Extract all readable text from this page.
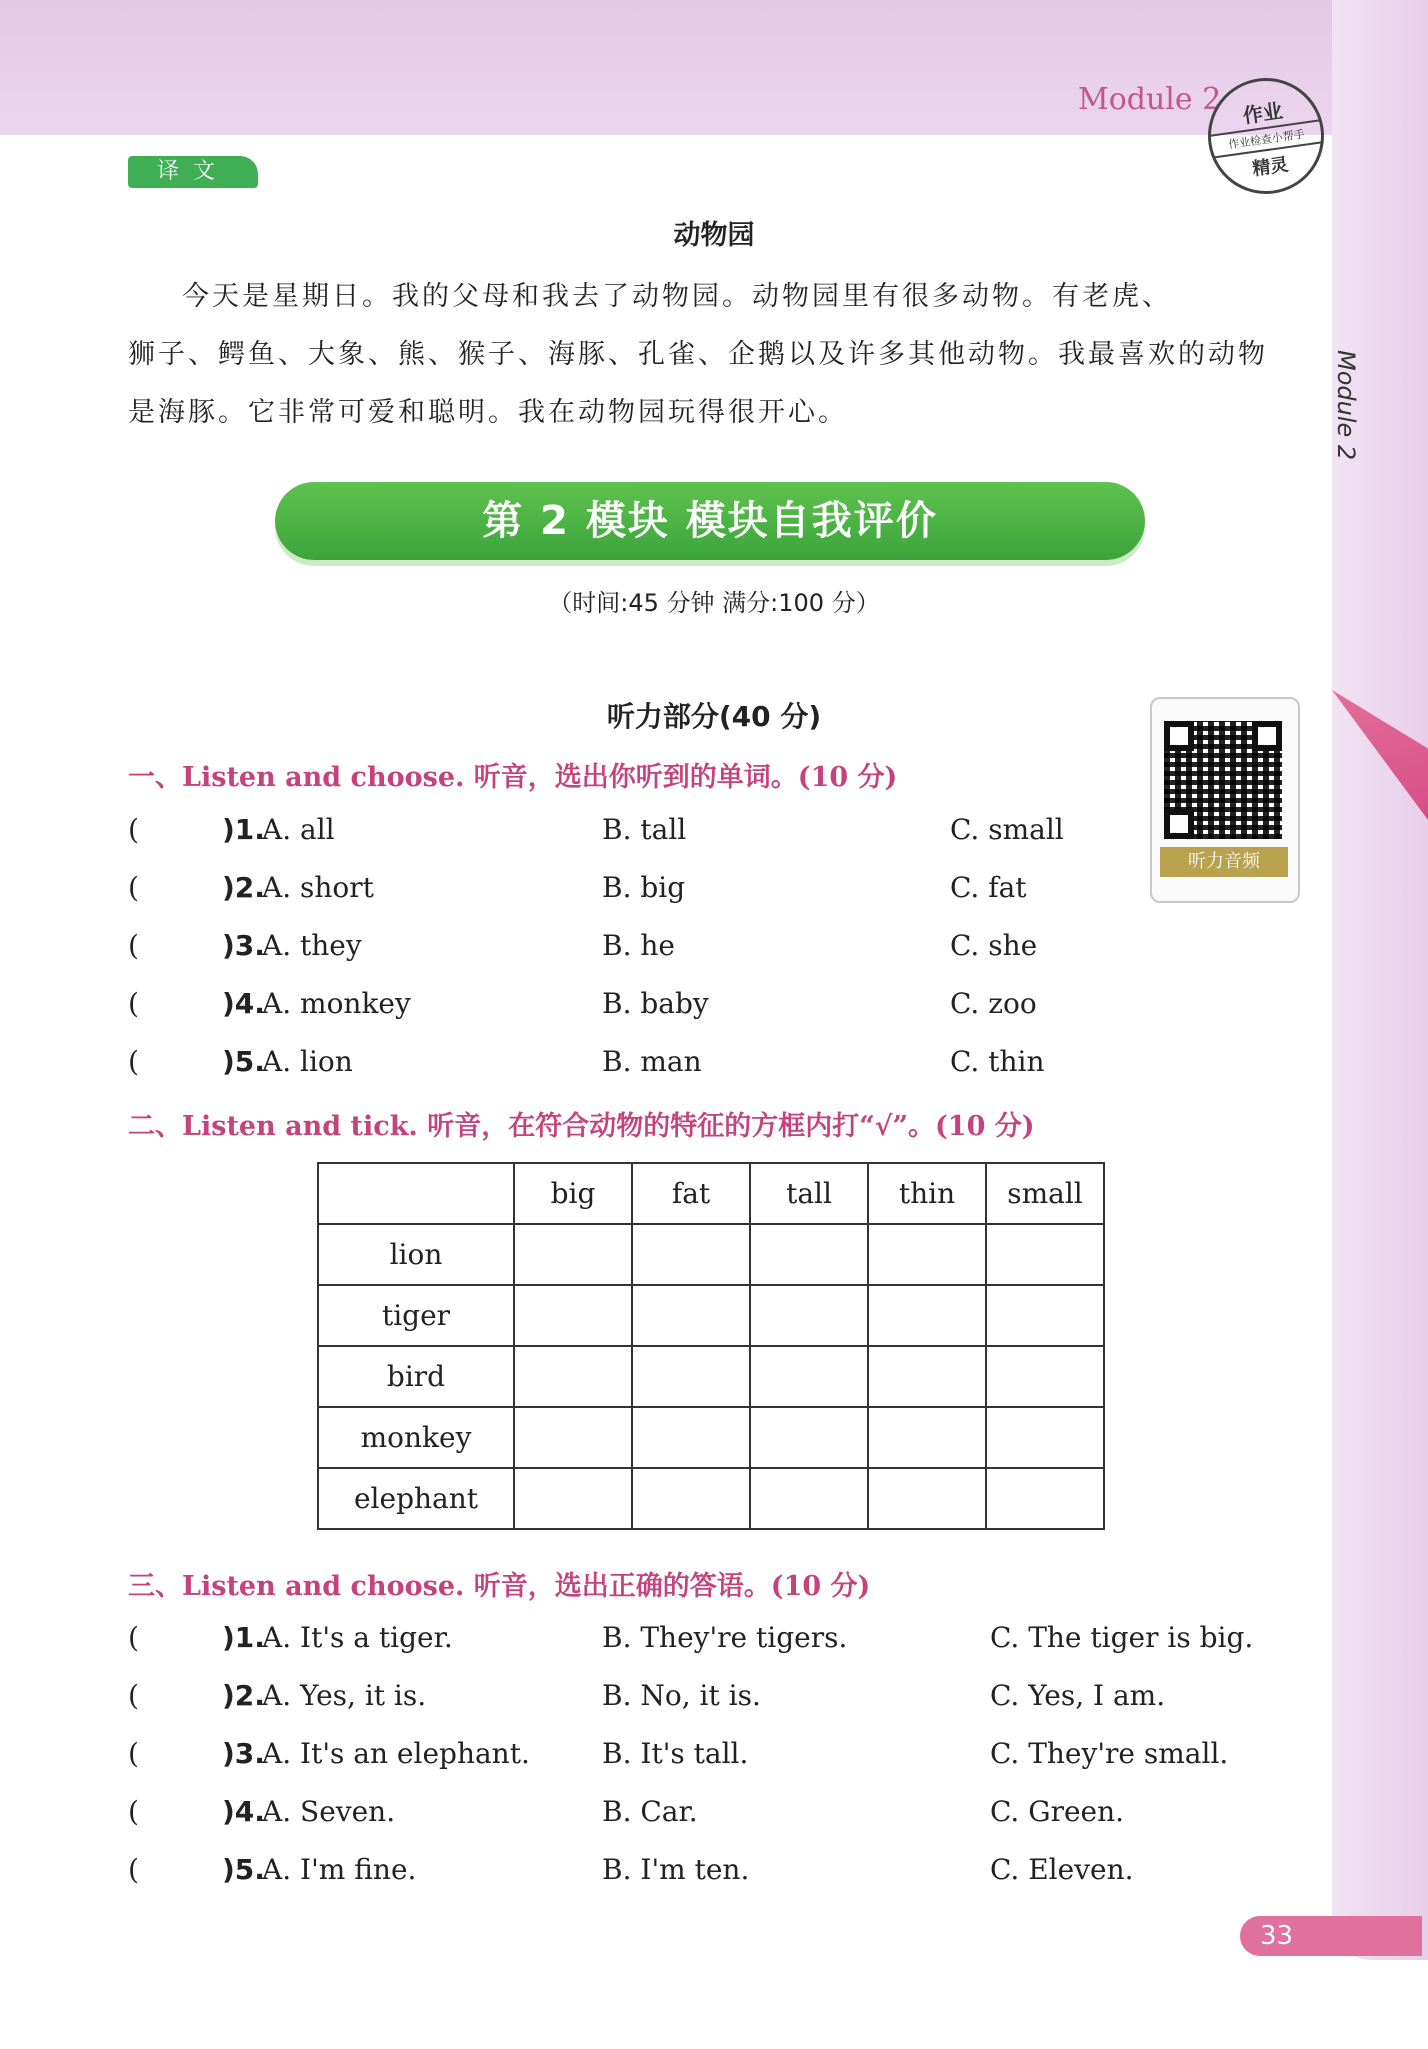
Module 2	作业
作业检查小帮手
精灵
Module 2
译文
动物园

今天是星期日。我的父母和我去了动物园。动物园里有很多动物。有老虎、

狮子、鳄鱼、大象、熊、猴子、海豚、孔雀、企鹅以及许多其他动物。我最喜欢的动物

是海豚。它非常可爱和聪明。我在动物园玩得很开心。

第 2 模块 模块自我评价
（时间:45 分钟 满分:100 分）
听力部分(40 分)
听力音频
一、Listen and choose. 听音，选出你听到的单词。(10 分)
(	)1.
A. all	B. tall	C. small
(	)2.
A. short	B. big	C. fat
(	)3.
A. they	B. he	C. she
(	)4.
A. monkey	B. baby	C. zoo
(	)5.
A. lion	B. man	C. thin
二、Listen and tick. 听音，在符合动物的特征的方框内打“√”。(10 分)
	big	fat	tall	thin	small
lion					
tiger					
bird					
monkey					
elephant					
三、Listen and choose. 听音，选出正确的答语。(10 分)
(	)1.
A. It's a tiger.	B. They're tigers.	C. The tiger is big.
(	)2.
A. Yes, it is.	B. No, it is.	C. Yes, I am.
(	)3.
A. It's an elephant.	B. It's tall.	C. They're small.
(	)4.
A. Seven.	B. Car.	C. Green.
(	)5.
A. I'm fine.	B. I'm ten.	C. Eleven.
33
